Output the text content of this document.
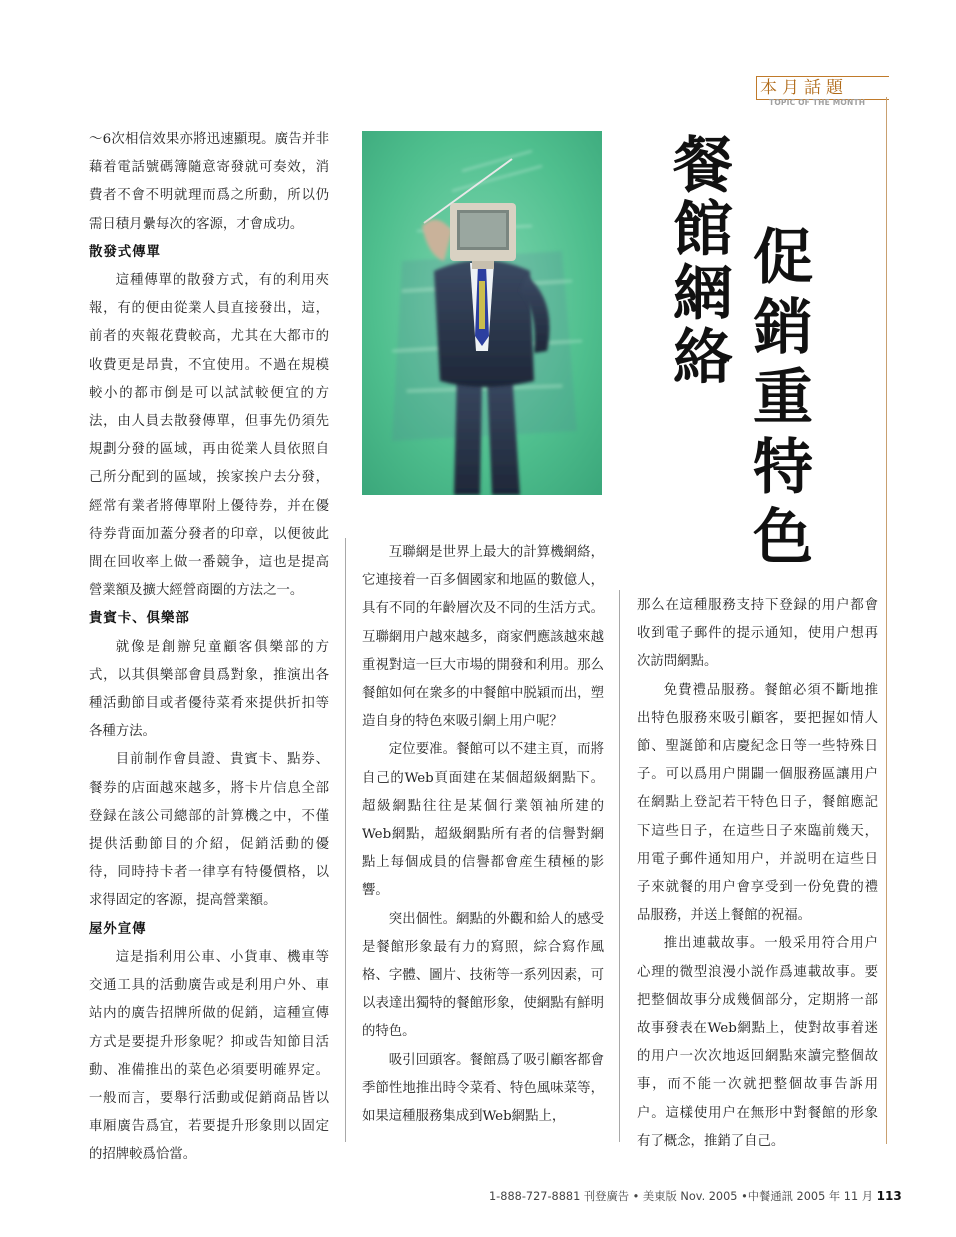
本月話題
TOPIC OF THE MONTH
餐館網絡 促銷重特色

～6次相信效果亦將迅速顯現。廣告并非藉着電話號碼簿隨意寄發就可奏效，消費者不會不明就理而爲之所動，所以仍需日積月纍每次的客源，才會成功。

散發式傳單

這種傳單的散發方式，有的利用夾報，有的便由從業人員直接發出，這，前者的夾報花費較高，尤其在大都市的收費更是昂貴，不宜使用。不過在規模較小的都市倒是可以試試較便宜的方法，由人員去散發傳單，但事先仍須先規劃分發的區域，再由從業人員依照自己所分配到的區域，挨家挨户去分發，經常有業者將傳單附上優待券，并在優待券背面加蓋分發者的印章，以便彼此間在回收率上做一番競争，這也是提高營業額及擴大經營商圈的方法之一。

貴賓卡、俱樂部

就像是創辦兒童顧客俱樂部的方式，以其俱樂部會員爲對象，推演出各種活動節目或者優待菜肴來提供折扣等各種方法。

目前制作會員證、貴賓卡、點券、餐券的店面越來越多，將卡片信息全部登録在該公司總部的計算機之中，不僅提供活動節目的介紹，促銷活動的優待，同時持卡者一律享有特優價格，以求得固定的客源，提高營業額。

屋外宣傳

這是指利用公車、小貨車、機車等交通工具的活動廣告或是利用户外、車站内的廣告招牌所做的促銷，這種宣傳方式是要提升形象呢？抑或告知節目活動、准備推出的菜色必須要明確界定。一般而言，要舉行活動或促銷商品皆以車厢廣告爲宜，若要提升形象則以固定的招牌較爲恰當。

互聯網是世界上最大的計算機網絡，它連接着一百多個國家和地區的數億人，具有不同的年齡層次及不同的生活方式。互聯網用户越來越多，商家們應該越來越重視對這一巨大市場的開發和利用。那么餐館如何在衆多的中餐館中脱穎而出，塑造自身的特色來吸引網上用户呢？

定位要准。餐館可以不建主頁，而將自己的Web頁面建在某個超級網點下。超級網點往往是某個行業領袖所建的Web網點，超級網點所有者的信譽對網點上每個成員的信譽都會産生積極的影響。

突出個性。網點的外觀和給人的感受是餐館形象最有力的寫照，綜合寫作風格、字體、圖片、技術等一系列因素，可以表達出獨特的餐館形象，使網點有鮮明的特色。

吸引回頭客。餐館爲了吸引顧客都會季節性地推出時令菜肴、特色風味菜等，如果這種服務集成到Web網點上，

那么在這種服務支持下登録的用户都會收到電子郵件的提示通知，使用户想再次訪問網點。

免費禮品服務。餐館必須不斷地推出特色服務來吸引顧客，要把握如情人節、聖誕節和店慶紀念日等一些特殊日子。可以爲用户開闢一個服務區讓用户在網點上登記若干特色日子，餐館應記下這些日子，在這些日子來臨前幾天，用電子郵件通知用户，并説明在這些日子來就餐的用户會享受到一份免費的禮品服務，并送上餐館的祝福。

推出連載故事。一般采用符合用户心理的微型浪漫小説作爲連載故事。要把整個故事分成幾個部分，定期將一部故事發表在Web網點上，使對故事着迷的用户一次次地返回網點來讀完整個故事，而不能一次就把整個故事告訴用户。這樣使用户在無形中對餐館的形象有了概念，推銷了自己。

1-888-727-8881 刊登廣告 • 美東版 Nov. 2005 •中餐通訊 2005 年 11 月 113
